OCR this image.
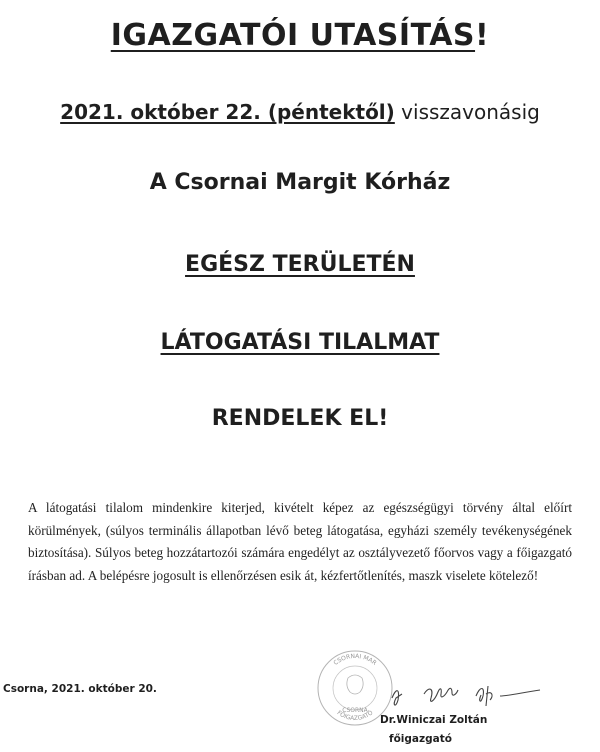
IGAZGATÓI UTASÍTÁS!
2021. október 22. (péntektől) visszavonásig
A Csornai Margit Kórház
EGÉSZ TERÜLETÉN
LÁTOGATÁSI TILALMAT
RENDELEK EL!
A látogatási tilalom mindenkire kiterjed, kivételt képez az egészségügyi törvény által előírt körülmények, (súlyos terminális állapotban lévő beteg látogatása, egyházi személy tevékenységének biztosítása). Súlyos beteg hozzátartozói számára engedélyt az osztályvezető főorvos vagy a főigazgató írásban ad. A belépésre jogosult is ellenőrzésen esik át, kézfertőtlenítés, maszk viselete kötelező!
Csorna, 2021. október 20.
CSORNAI MAR
FŐIGAZGATÓ
CSORNA
Dr.Winiczai Zoltán
főigazgató
